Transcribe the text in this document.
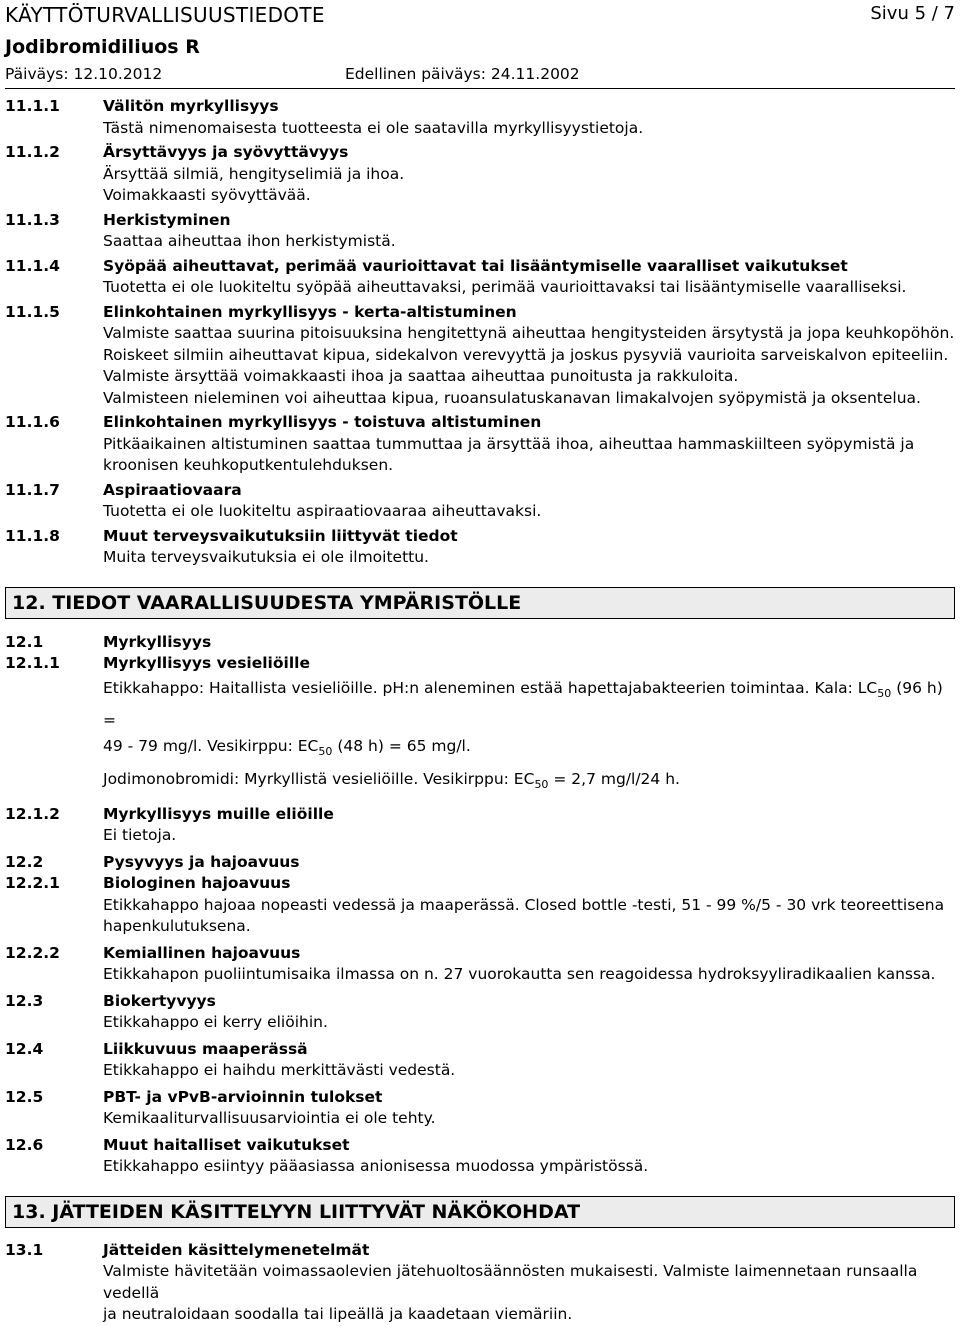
KÄYTTÖTURVALLISUUSTIEDOTE	Sivu 5 / 7
Jodibromidiliuos R
Päiväys: 12.10.2012	Edellinen päiväys: 24.11.2002
11.1.1	Välitön myrkyllisyys
Tästä nimenomaisesta tuotteesta ei ole saatavilla myrkyllisyystietoja.
11.1.2	Ärsyttävyys ja syövyttävyys
Ärsyttää silmiä, hengityselimiä ja ihoa.
Voimakkaasti syövyttävää.
11.1.3	Herkistyminen
Saattaa aiheuttaa ihon herkistymistä.
11.1.4	Syöpää aiheuttavat, perimää vaurioittavat tai lisääntymiselle vaaralliset vaikutukset
Tuotetta ei ole luokiteltu syöpää aiheuttavaksi, perimää vaurioittavaksi tai lisääntymiselle vaaralliseksi.
11.1.5	Elinkohtainen myrkyllisyys - kerta-altistuminen
Valmiste saattaa suurina pitoisuuksina hengitettynä aiheuttaa hengitysteiden ärsytystä ja jopa keuhkopöhön.
Roiskeet silmiin aiheuttavat kipua, sidekalvon verevyyttä ja joskus pysyviä vaurioita sarveiskalvon epiteeliin.
Valmiste ärsyttää voimakkaasti ihoa ja saattaa aiheuttaa punoitusta ja rakkuloita.
Valmisteen nieleminen voi aiheuttaa kipua, ruoansulatuskanavan limakalvojen syöpymistä ja oksentelua.
11.1.6	Elinkohtainen myrkyllisyys - toistuva altistuminen
Pitkäaikainen altistuminen saattaa tummuttaa ja ärsyttää ihoa, aiheuttaa hammaskiilteen syöpymistä ja
kroonisen keuhkoputkentulehduksen.
11.1.7	Aspiraatiovaara
Tuotetta ei ole luokiteltu aspiraatiovaaraa aiheuttavaksi.
11.1.8	Muut terveysvaikutuksiin liittyvät tiedot
Muita terveysvaikutuksia ei ole ilmoitettu.
12. TIEDOT VAARALLISUUDESTA YMPÄRISTÖLLE
12.1	Myrkyllisyys
12.1.1	Myrkyllisyys vesieliöille
Etikkahappo: Haitallista vesieliöille. pH:n aleneminen estää hapettajabakteerien toimintaa. Kala: $LC_{50}$ (96 h) =
49 - 79 mg/l. Vesikirppu: $EC_{50}$ (48 h) = 65 mg/l.
Jodimonobromidi: Myrkyllistä vesieliöille. Vesikirppu: $EC_{50} = 2,7$ mg/l/24 h.
12.1.2	Myrkyllisyys muille eliöille
Ei tietoja.
12.2	Pysyvyys ja hajoavuus
12.2.1	Biologinen hajoavuus
Etikkahappo hajoaa nopeasti vedessä ja maaperässä. Closed bottle -testi, 51 - 99 %/5 - 30 vrk teoreettisena
hapenkulutuksena.
12.2.2	Kemiallinen hajoavuus
Etikkahapon puoliintumisaika ilmassa on n. 27 vuorokautta sen reagoidessa hydroksyyliradikaalien kanssa.
12.3	Biokertyvyys
Etikkahappo ei kerry eliöihin.
12.4	Liikkuvuus maaperässä
Etikkahappo ei haihdu merkittävästi vedestä.
12.5	PBT- ja vPvB-arvioinnin tulokset
Kemikaaliturvallisuusarviointia ei ole tehty.
12.6	Muut haitalliset vaikutukset
Etikkahappo esiintyy pääasiassa anionisessa muodossa ympäristössä.
13. JÄTTEIDEN KÄSITTELYYN LIITTYVÄT NÄKÖKOHDAT
13.1	Jätteiden käsittelymenetelmät
Valmiste hävitetään voimassaolevien jätehuoltosäännösten mukaisesti. Valmiste laimennetaan runsaalla vedellä
ja neutraloidaan soodalla tai lipeällä ja kaadetaan viemäriin.
